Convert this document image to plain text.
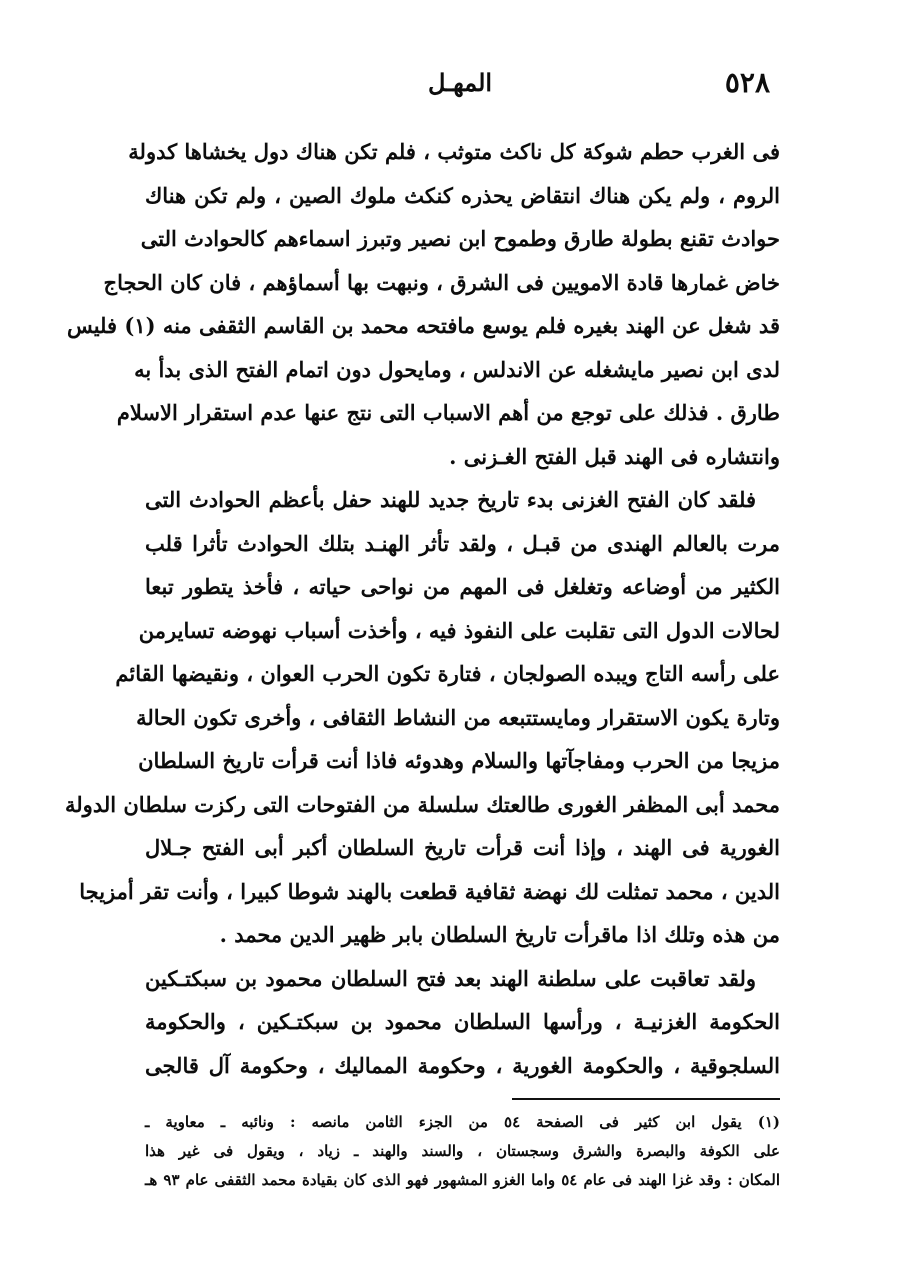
٥٢٨
المهـل
فى الغرب حطم شوكة كل ناكث متوثب ، فلم تكن هناك دول يخشاها كدولة
الروم ، ولم يكن هناك انتقاض يحذره كنكث ملوك الصين ، ولم تكن هناك
حوادث تقنع بطولة طارق وطموح ابن نصير وتبرز اسماءهم كالحوادث التى
خاض غمارها قادة الامويين فى الشرق ، ونبهت بها أسماؤهم ، فان كان الحجاج
قد شغل عن الهند بغيره فلم يوسع مافتحه محمد بن القاسم الثقفى منه (١) فليس
لدى ابن نصير مايشغله عن الاندلس ، ومايحول دون اتمام الفتح الذى بدأ به
طارق . فذلك على توجع من أهم الاسباب التى نتج عنها عدم استقرار الاسلام
وانتشاره فى الهند قبل الفتح الغـزنى .
فلقد كان الفتح الغزنى بدء تاريخ جديد للهند حفل بأعظم الحوادث التى
مرت بالعالم الهندى من قبـل ، ولقد تأثر الهنـد بتلك الحوادث تأثرا قلب
الكثير من أوضاعه وتغلغل فى المهم من نواحى حياته ، فأخذ يتطور تبعا
لحالات الدول التى تقلبت على النفوذ فيه ، وأخذت أسباب نهوضه تسايرمن
على رأسه التاج ويبده الصولجان ، فتارة تكون الحرب العوان ، ونقيضها القائم
وتارة يكون الاستقرار ومايستتبعه من النشاط الثقافى ، وأخرى تكون الحالة
مزيجا من الحرب ومفاجآتها والسلام وهدوئه فاذا أنت قرأت تاريخ السلطان
محمد أبى المظفر الغورى طالعتك سلسلة من الفتوحات التى ركزت سلطان الدولة
الغورية فى الهند ، وإذا أنت قرأت تاريخ السلطان أكبر أبى الفتح جـلال
الدين ، محمد تمثلت لك نهضة ثقافية قطعت بالهند شوطا كبيرا ، وأنت تقر أمزيجا
من هذه وتلك اذا ماقرأت تاريخ السلطان بابر ظهير الدين محمد .
ولقد تعاقبت على سلطنة الهند بعد فتح السلطان محمود بن سبكتـكين
الحكومة الغزنيـة ، ورأسها السلطان محمود بن سبكتـكين ، والحكومة
السلجوقية ، والحكومة الغورية ، وحكومة المماليك ، وحكومة آل قالجى
(١) يقول ابن كثير فى الصفحة ٥٤ من الجزء الثامن مانصه : ونائبه ـ معاوية ـ
على الكوفة والبصرة والشرق وسجستان ، والسند والهند ـ زياد ، ويقول فى غير هذا
المكان : وقد غزا الهند فى عام ٥٤ واما الغزو المشهور فهو الذى كان بقيادة محمد الثقفى عام ٩٣ هـ
